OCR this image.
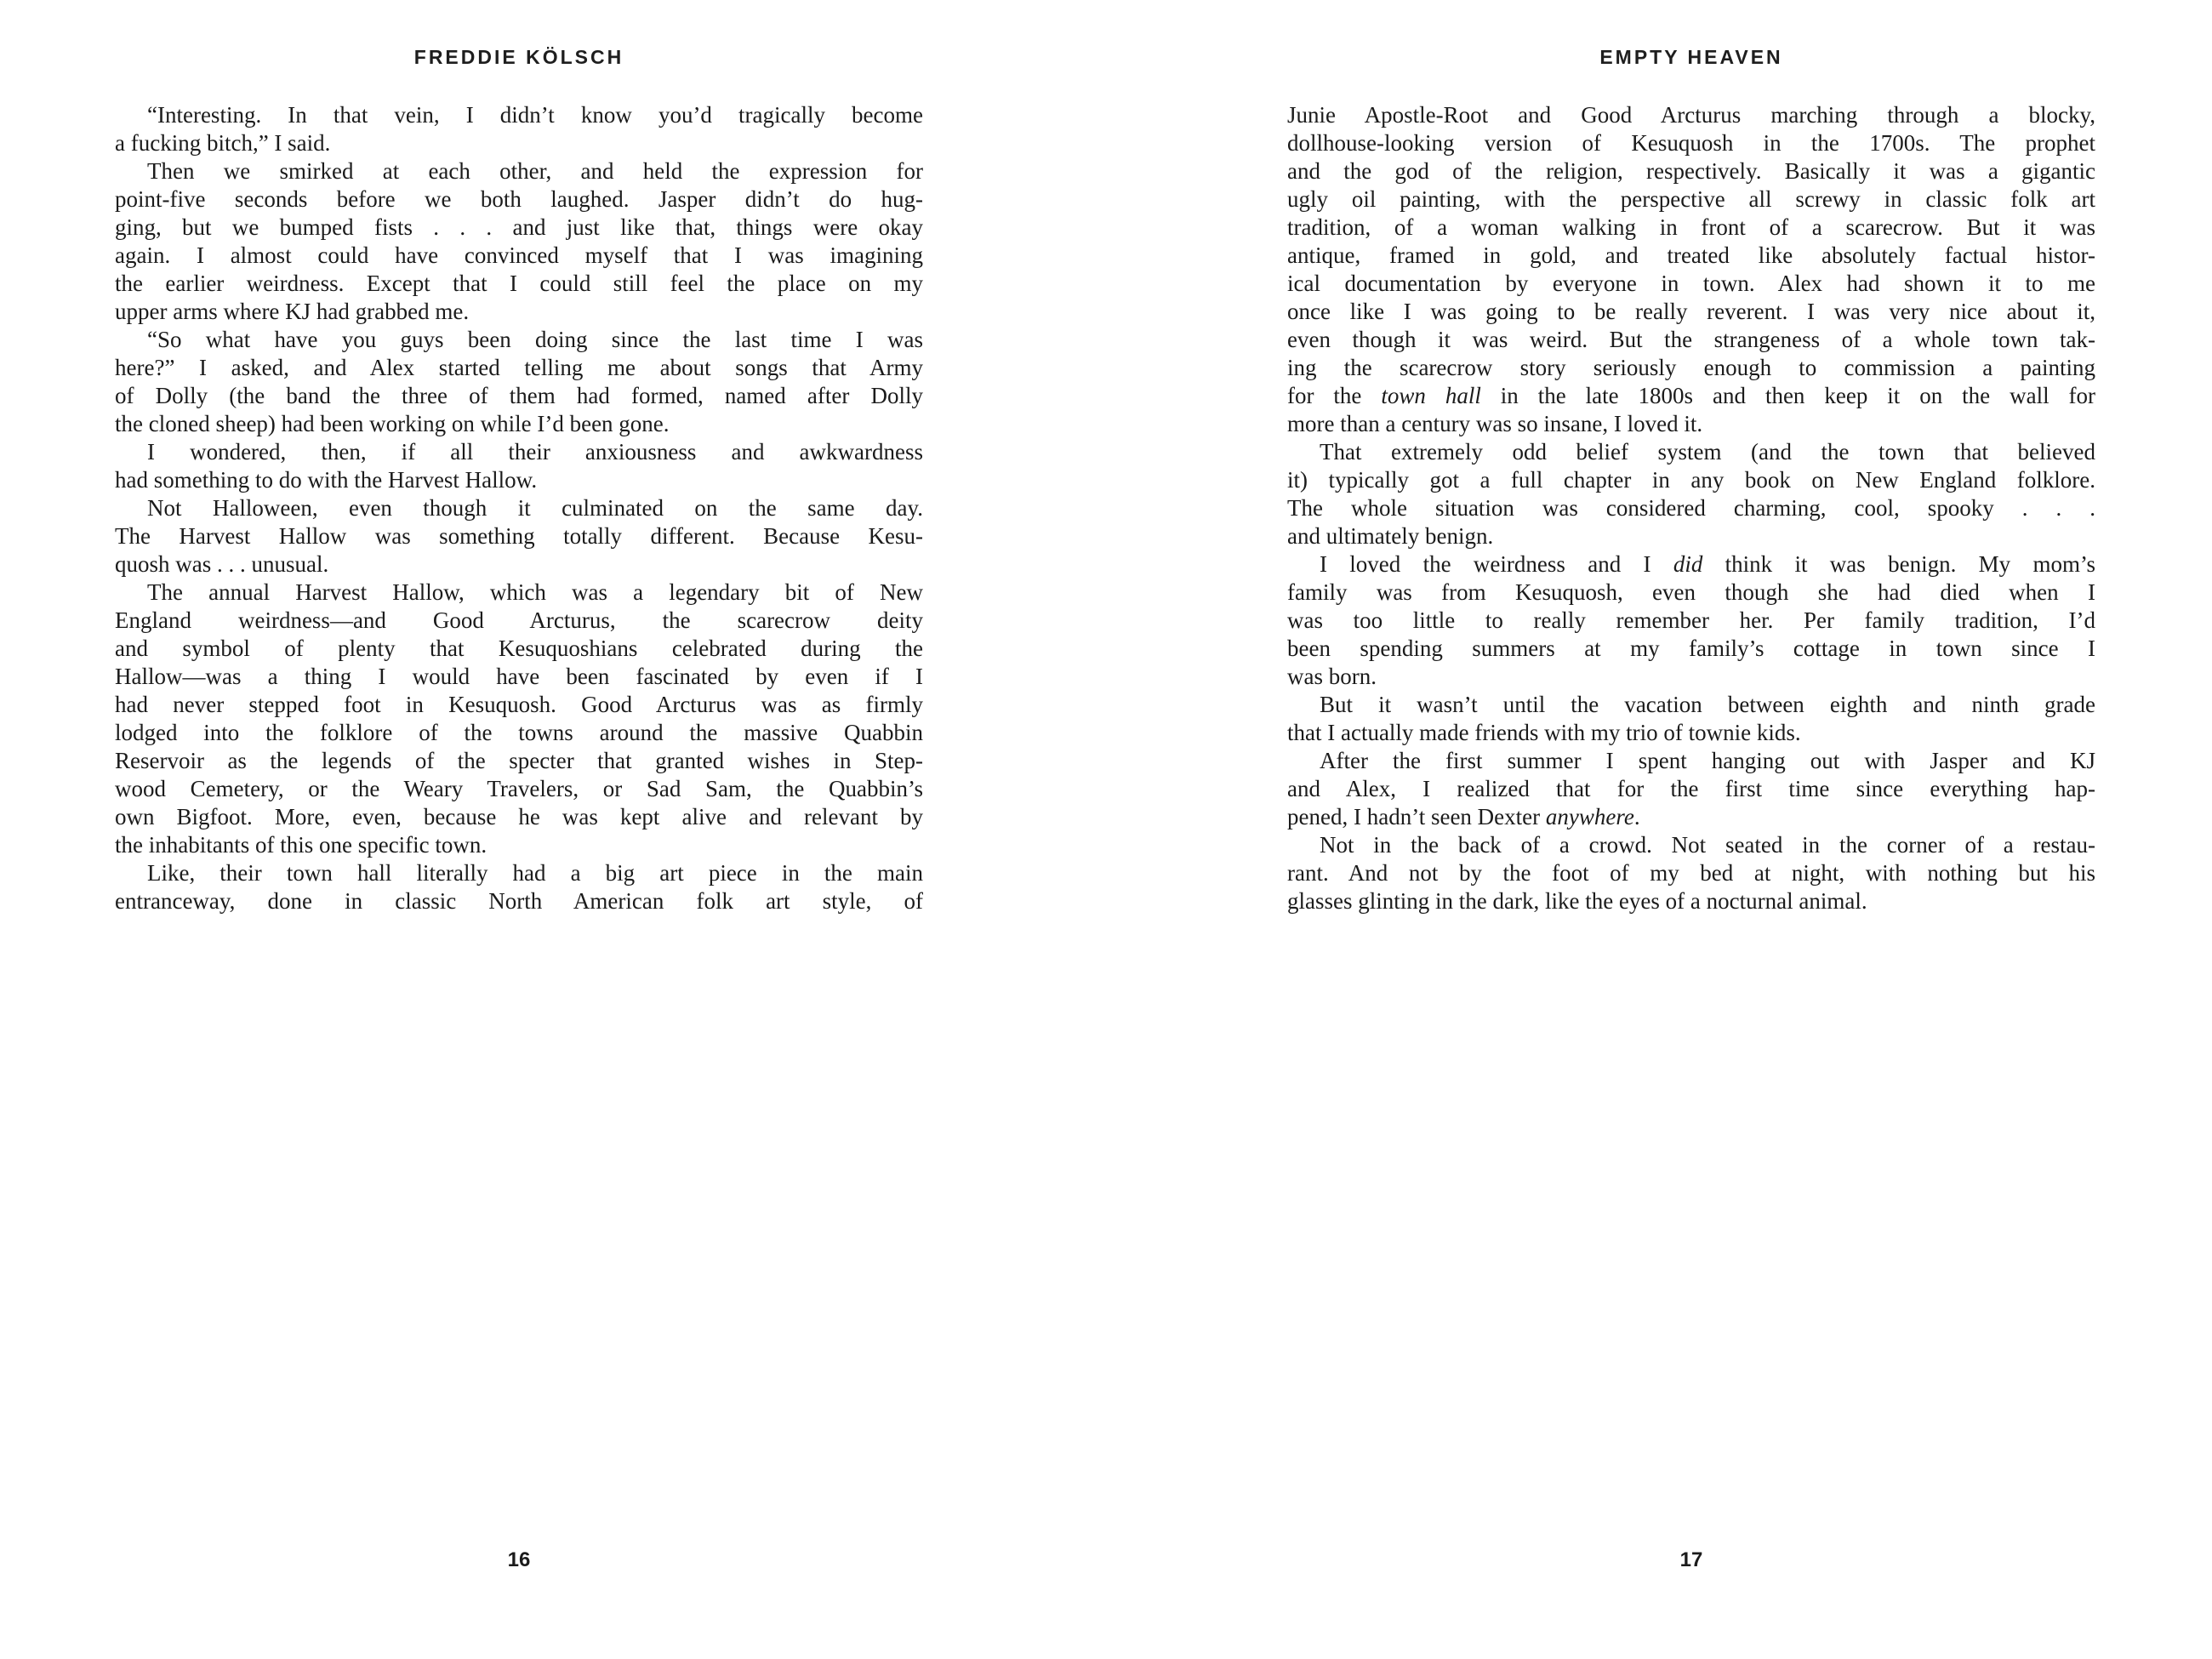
FREDDIE KÖLSCH
“Interesting. In that vein, I didn’t know you’d tragically become
a fucking bitch,” I said.
Then we smirked at each other, and held the expression for
point-five seconds before we both laughed. Jasper didn’t do hug-
ging, but we bumped fists . . . and just like that, things were okay
again. I almost could have convinced myself that I was imagining
the earlier weirdness. Except that I could still feel the place on my
upper arms where KJ had grabbed me.
“So what have you guys been doing since the last time I was
here?” I asked, and Alex started telling me about songs that Army
of Dolly (the band the three of them had formed, named after Dolly
the cloned sheep) had been working on while I’d been gone.
I wondered, then, if all their anxiousness and awkwardness
had something to do with the Harvest Hallow.
Not Halloween, even though it culminated on the same day.
The Harvest Hallow was something totally different. Because Kesu-
quosh was . . . unusual.
The annual Harvest Hallow, which was a legendary bit of New
England weirdness—and Good Arcturus, the scarecrow deity
and symbol of plenty that Kesuquoshians celebrated during the
Hallow—was a thing I would have been fascinated by even if I
had never stepped foot in Kesuquosh. Good Arcturus was as firmly
lodged into the folklore of the towns around the massive Quabbin
Reservoir as the legends of the specter that granted wishes in Step-
wood Cemetery, or the Weary Travelers, or Sad Sam, the Quabbin’s
own Bigfoot. More, even, because he was kept alive and relevant by
the inhabitants of this one specific town.
Like, their town hall literally had a big art piece in the main
entranceway, done in classic North American folk art style, of
16
EMPTY HEAVEN
Junie Apostle-Root and Good Arcturus marching through a blocky,
dollhouse-looking version of Kesuquosh in the 1700s. The prophet
and the god of the religion, respectively. Basically it was a gigantic
ugly oil painting, with the perspective all screwy in classic folk art
tradition, of a woman walking in front of a scarecrow. But it was
antique, framed in gold, and treated like absolutely factual histor-
ical documentation by everyone in town. Alex had shown it to me
once like I was going to be really reverent. I was very nice about it,
even though it was weird. But the strangeness of a whole town tak-
ing the scarecrow story seriously enough to commission a painting
for the town hall in the late 1800s and then keep it on the wall for
more than a century was so insane, I loved it.
That extremely odd belief system (and the town that believed
it) typically got a full chapter in any book on New England folklore.
The whole situation was considered charming, cool, spooky . . .
and ultimately benign.
I loved the weirdness and I did think it was benign. My mom’s
family was from Kesuquosh, even though she had died when I
was too little to really remember her. Per family tradition, I’d
been spending summers at my family’s cottage in town since I
was born.
But it wasn’t until the vacation between eighth and ninth grade
that I actually made friends with my trio of townie kids.
After the first summer I spent hanging out with Jasper and KJ
and Alex, I realized that for the first time since everything hap-
pened, I hadn’t seen Dexter anywhere.
Not in the back of a crowd. Not seated in the corner of a restau-
rant. And not by the foot of my bed at night, with nothing but his
glasses glinting in the dark, like the eyes of a nocturnal animal.
17
